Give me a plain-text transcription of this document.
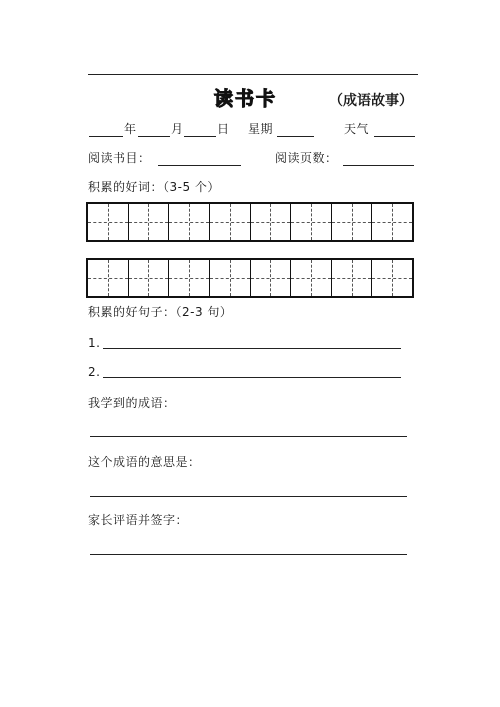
读书卡	（成语故事）
年	月	日 星期	天气
阅读书目：	阅读页数：
积累的好词：（3-5 个）
积累的好句子：（2-3 句）
1.
2.
我学到的成语：
这个成语的意思是：
家长评语并签字：
